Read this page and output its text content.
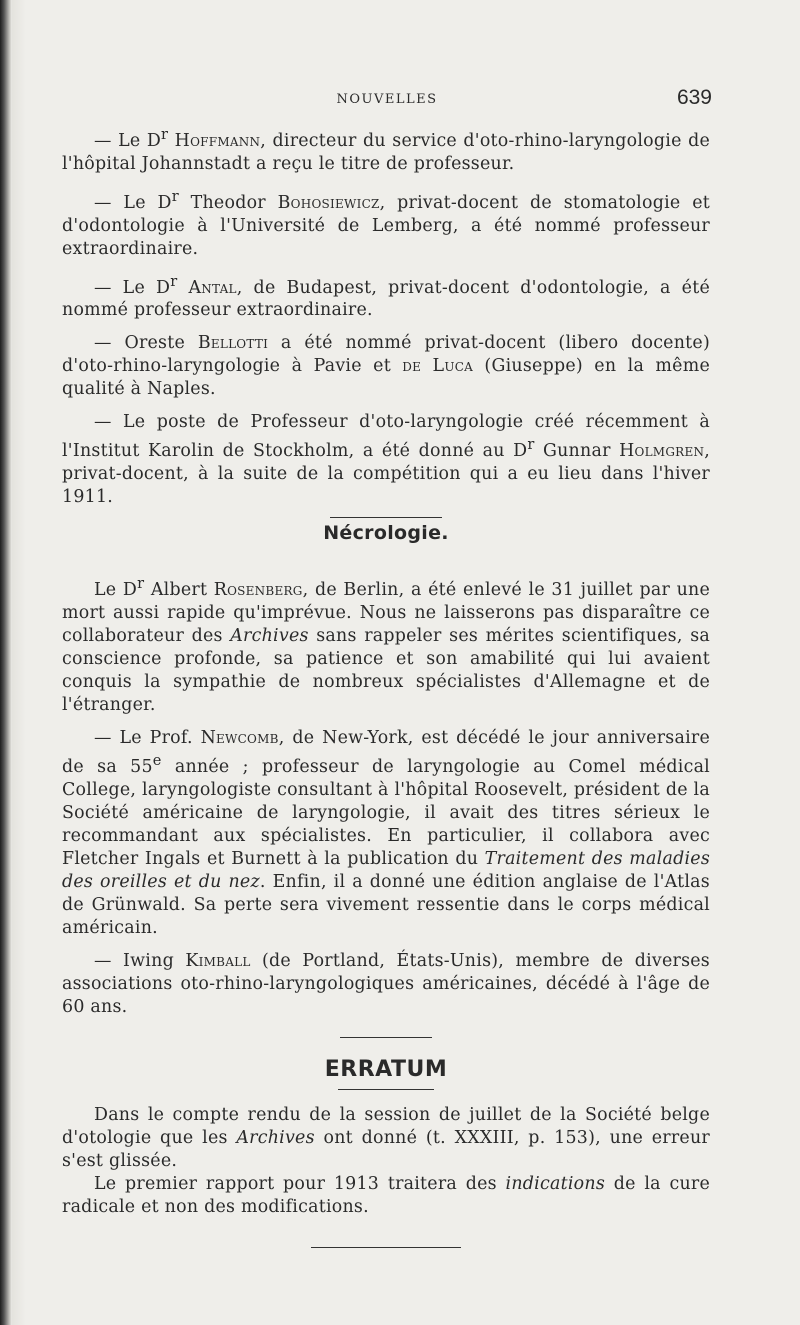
NOUVELLES	639

— Le $D^r$ Hoffmann, directeur du service d'oto-rhino-laryngologie de l'hôpital Johannstadt a reçu le titre de professeur.

— Le $D^r$ Theodor Bohosiewicz, privat-docent de stomatologie et d'odontologie à l'Université de Lemberg, a été nommé professeur extraordinaire.

— Le $D^r$ Antal, de Budapest, privat-docent d'odontologie, a été nommé professeur extraordinaire.

— Oreste Bellotti a été nommé privat-docent (libero docente) d'oto-rhino-laryngologie à Pavie et de Luca (Giuseppe) en la même qualité à Naples.

— Le poste de Professeur d'oto-laryngologie créé récemment à l'Institut Karolin de Stockholm, a été donné au $D^r$ Gunnar Holmgren, privat-docent, à la suite de la compétition qui a eu lieu dans l'hiver 1911.

Nécrologie.

Le $D^r$ Albert Rosenberg, de Berlin, a été enlevé le 31 juillet par une mort aussi rapide qu'imprévue. Nous ne laisserons pas disparaître ce collaborateur des Archives sans rappeler ses mérites scientifiques, sa conscience profonde, sa patience et son amabilité qui lui avaient conquis la sympathie de nombreux spécialistes d'Allemagne et de l'étranger.

— Le Prof. Newcomb, de New-York, est décédé le jour anniversaire de sa 55e année ; professeur de laryngologie au Comel médical College, laryngologiste consultant à l'hôpital Roosevelt, président de la Société américaine de laryngologie, il avait des titres sérieux le recommandant aux spécialistes. En particulier, il collabora avec Fletcher Ingals et Burnett à la publication du Traitement des maladies des oreilles et du nez. Enfin, il a donné une édition anglaise de l'Atlas de Grünwald. Sa perte sera vivement ressentie dans le corps médical américain.

— Iwing Kimball (de Portland, États-Unis), membre de diverses associations oto-rhino-laryngologiques américaines, décédé à l'âge de 60 ans.

ERRATUM

Dans le compte rendu de la session de juillet de la Société belge d'otologie que les Archives ont donné (t. XXXIII, p. 153), une erreur s'est glissée.

Le premier rapport pour 1913 traitera des indications de la cure radicale et non des modifications.
